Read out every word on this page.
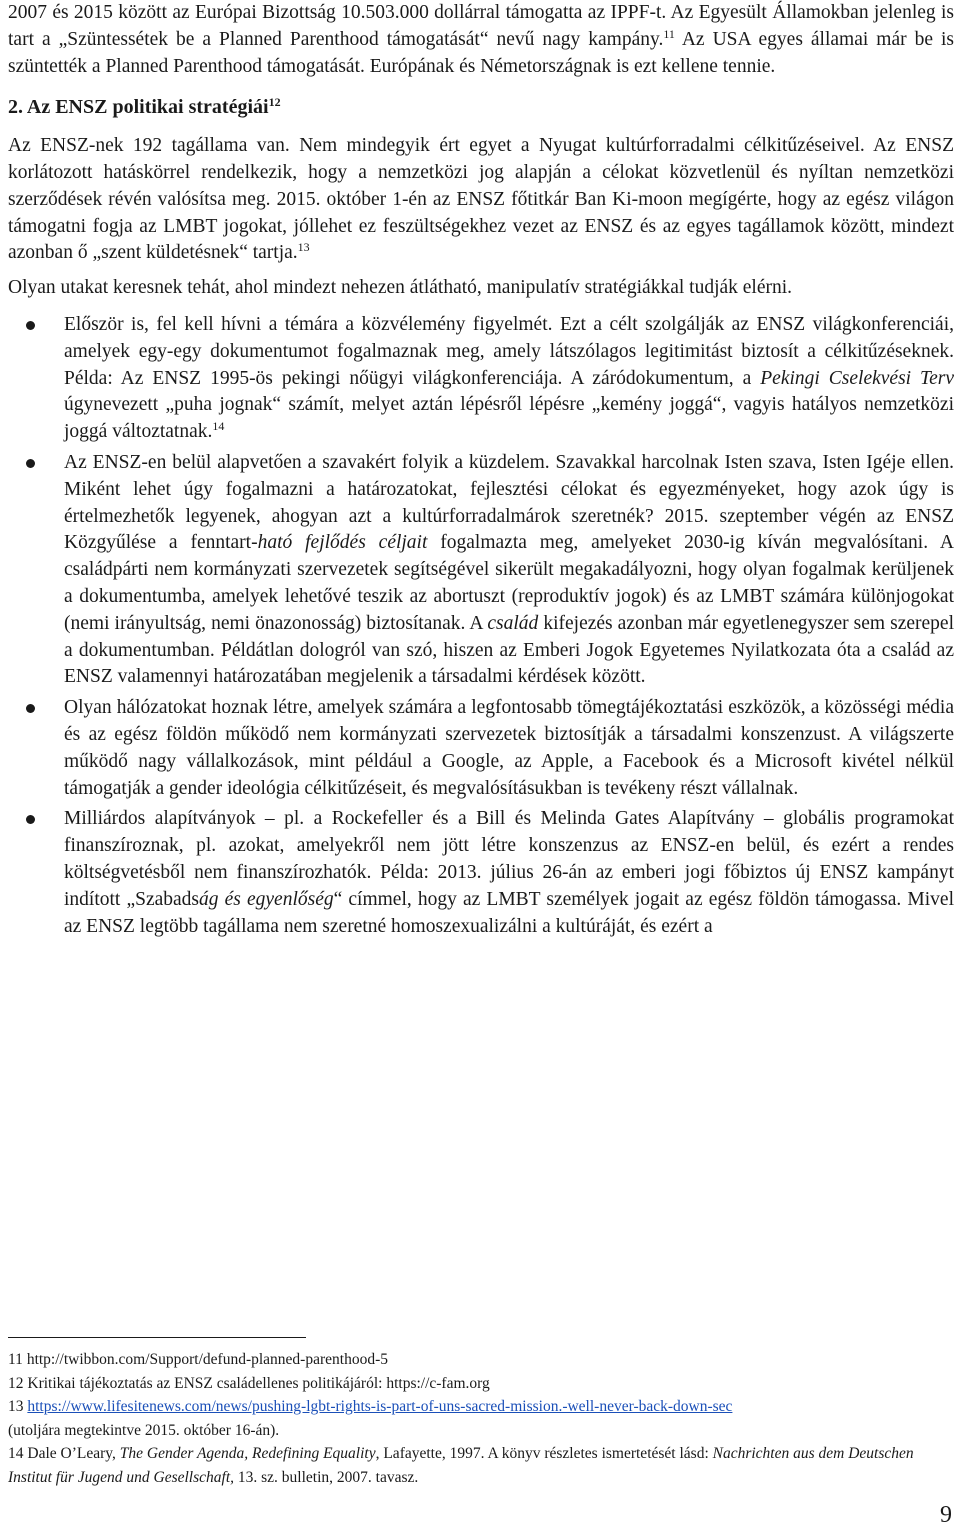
2007 és 2015 között az Európai Bizottság 10.503.000 dollárral támogatta az IPPF-t. Az Egyesült Államokban jelenleg is tart a „Szüntessétek be a Planned Parenthood támogatását“ nevű nagy kampány.$^{11}$ Az USA egyes államai már be is szüntették a Planned Parenthood támogatását. Európának és Németországnak is ezt kellene tennie.

2. Az ENSZ politikai stratégiái$^{12}$

Az ENSZ-nek 192 tagállama van. Nem mindegyik ért egyet a Nyugat kultúrforradalmi célkitűzéseivel. Az ENSZ korlátozott hatáskörrel rendelkezik, hogy a nemzetközi jog alapján a célokat közvetlenül és nyíltan nemzetközi szerződések révén valósítsa meg. 2015. október 1-én az ENSZ főtitkár Ban Ki-moon megígérte, hogy az egész világon támogatni fogja az LMBT jogokat, jóllehet ez feszültségekhez vezet az ENSZ és az egyes tagállamok között, mindezt azonban ő „szent küldetésnek“ tartja.$^{13}$

Olyan utakat keresnek tehát, ahol mindezt nehezen átlátható, manipulatív stratégiákkal tudják elérni.

Először is, fel kell hívni a témára a közvélemény figyelmét. Ezt a célt szolgálják az ENSZ világkonferenciái, amelyek egy-egy dokumentumot fogalmaznak meg, amely látszólagos legitimitást biztosít a célkitűzéseknek. Példa: Az ENSZ 1995-ös pekingi nőügyi világkonferenciája. A záródokumentum, a Pekingi Cselekvési Terv úgynevezett „puha jognak“ számít, melyet aztán lépésről lépésre „kemény joggá“, vagyis hatályos nemzetközi joggá változtatnak.$^{14}$
Az ENSZ-en belül alapvetően a szavakért folyik a küzdelem. Szavakkal harcolnak Isten szava, Isten Igéje ellen. Miként lehet úgy fogalmazni a határozatokat, fejlesztési célokat és egyezményeket, hogy azok úgy is értelmezhetők legyenek, ahogyan azt a kultúrforradalmárok szeretnék? 2015. szeptember végén az ENSZ Közgyűlése a fenntart-ható fejlődés céljait fogalmazta meg, amelyeket 2030-ig kíván megvalósítani. A családpárti nem kormányzati szervezetek segítségével sikerült megakadályozni, hogy olyan fogalmak kerüljenek a dokumentumba, amelyek lehetővé teszik az abortuszt (reproduktív jogok) és az LMBT számára különjogokat (nemi irányultság, nemi önazonosság) biztosítanak. A család kifejezés azonban már egyetlenegyszer sem szerepel a dokumentumban. Példátlan dologról van szó, hiszen az Emberi Jogok Egyetemes Nyilatkozata óta a család az ENSZ valamennyi határozatában megjelenik a társadalmi kérdések között.
Olyan hálózatokat hoznak létre, amelyek számára a legfontosabb tömegtájékoztatási eszközök, a közösségi média és az egész földön működő nem kormányzati szervezetek biztosítják a társadalmi konszenzust. A világszerte működő nagy vállalkozások, mint például a Google, az Apple, a Facebook és a Microsoft kivétel nélkül támogatják a gender ideológia célkitűzéseit, és megvalósításukban is tevékeny részt vállalnak.
Milliárdos alapítványok – pl. a Rockefeller és a Bill és Melinda Gates Alapítvány – globális programokat finanszíroznak, pl. azokat, amelyekről nem jött létre konszenzus az ENSZ-en belül, és ezért a rendes költségvetésből nem finanszírozhatók. Példa: 2013. július 26-án az emberi jogi főbiztos új ENSZ kampányt indított „Szabadság és egyenlőség“ címmel, hogy az LMBT személyek jogait az egész földön támogassa. Mivel az ENSZ legtöbb tagállama nem szeretné homoszexualizálni a kultúráját, és ezért a

11 http://twibbon.com/Support/defund-planned-parenthood-5

12 Kritikai tájékoztatás az ENSZ családellenes politikájáról: https://c-fam.org

13 https://www.lifesitenews.com/news/pushing-lgbt-rights-is-part-of-uns-sacred-mission.-well-never-back-down-sec
(utoljára megtekintve 2015. október 16-án).

14 Dale O’Leary, The Gender Agenda, Redefining Equality, Lafayette, 1997. A könyv részletes ismertetését lásd: Nachrichten aus dem Deutschen Institut für Jugend und Gesellschaft, 13. sz. bulletin, 2007. tavasz.

9
